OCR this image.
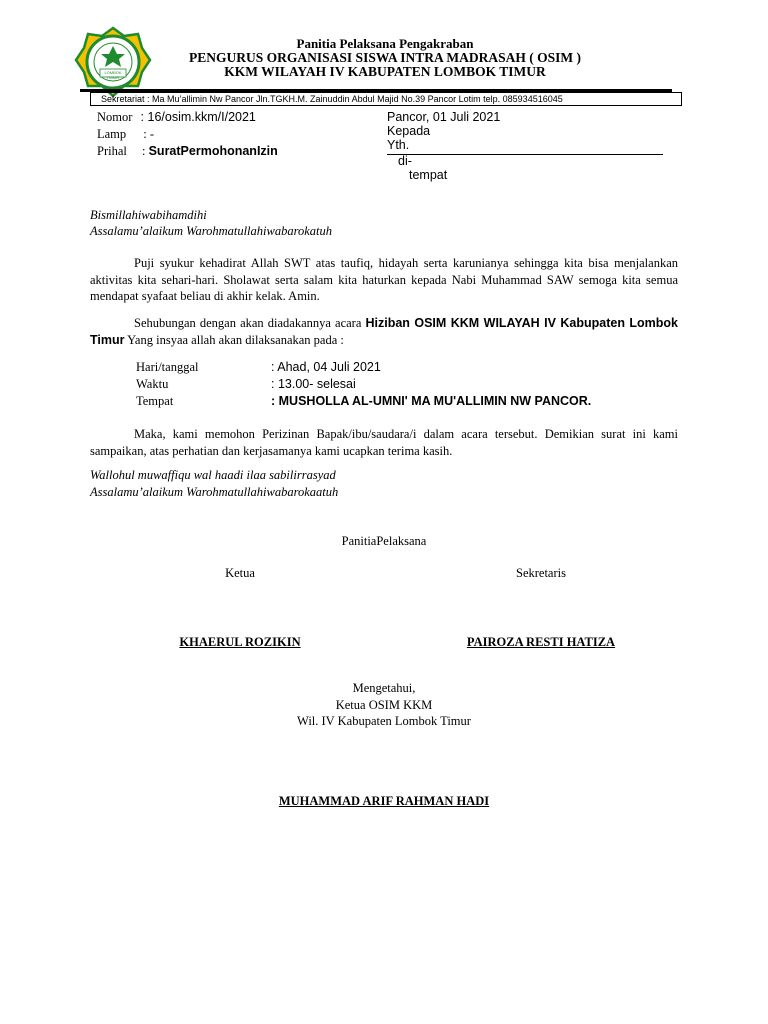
LOMBOK TIMUR
Panitia Pelaksana Pengakraban
PENGURUS ORGANISASI SISWA INTRA MADRASAH ( OSIM )
KKM WILAYAH IV KABUPATEN LOMBOK TIMUR
Sekretariat : Ma Mu’allimin Nw Pancor Jln.TGKH.M. Zainuddin Abdul Majid No.39 Pancor Lotim telp. 085934516045
Nomor : 16/osim.kkm/I/2021
Lamp : -
Prihal : SuratPermohonanIzin
Pancor, 01 Juli 2021
Kepada
Yth.
di-
tempat
Bismillahiwabihamdihi
Assalamu’alaikum Warohmatullahiwabarokatuh
Puji syukur kehadirat Allah SWT atas taufiq, hidayah serta karunianya sehingga kita bisa menjalankan aktivitas kita sehari-hari. Sholawat serta salam kita haturkan kepada Nabi Muhammad SAW semoga kita semua mendapat syafaat beliau di akhir kelak. Amin.
Sehubungan dengan akan diadakannya acara Hiziban OSIM KKM WILAYAH IV Kabupaten Lombok Timur Yang insyaa allah akan dilaksanakan pada :
Hari/tanggal	: Ahad, 04 Juli 2021
Waktu	: 13.00- selesai
Tempat	: MUSHOLLA AL-UMNI' MA MU'ALLIMIN NW PANCOR.
Maka, kami memohon Perizinan Bapak/ibu/saudara/i dalam acara tersebut. Demikian surat ini kami sampaikan, atas perhatian dan kerjasamanya kami ucapkan terima kasih.
Wallohul muwaffiqu wal haadi ilaa sabilirrasyad
Assalamu’alaikum Warohmatullahiwabarokaatuh
PanitiaPelaksana
Ketua	Sekretaris
KHAERUL ROZIKIN	PAIROZA RESTI HATIZA
Mengetahui,
Ketua OSIM KKM
Wil. IV Kabupaten Lombok Timur
MUHAMMAD ARIF RAHMAN HADI
